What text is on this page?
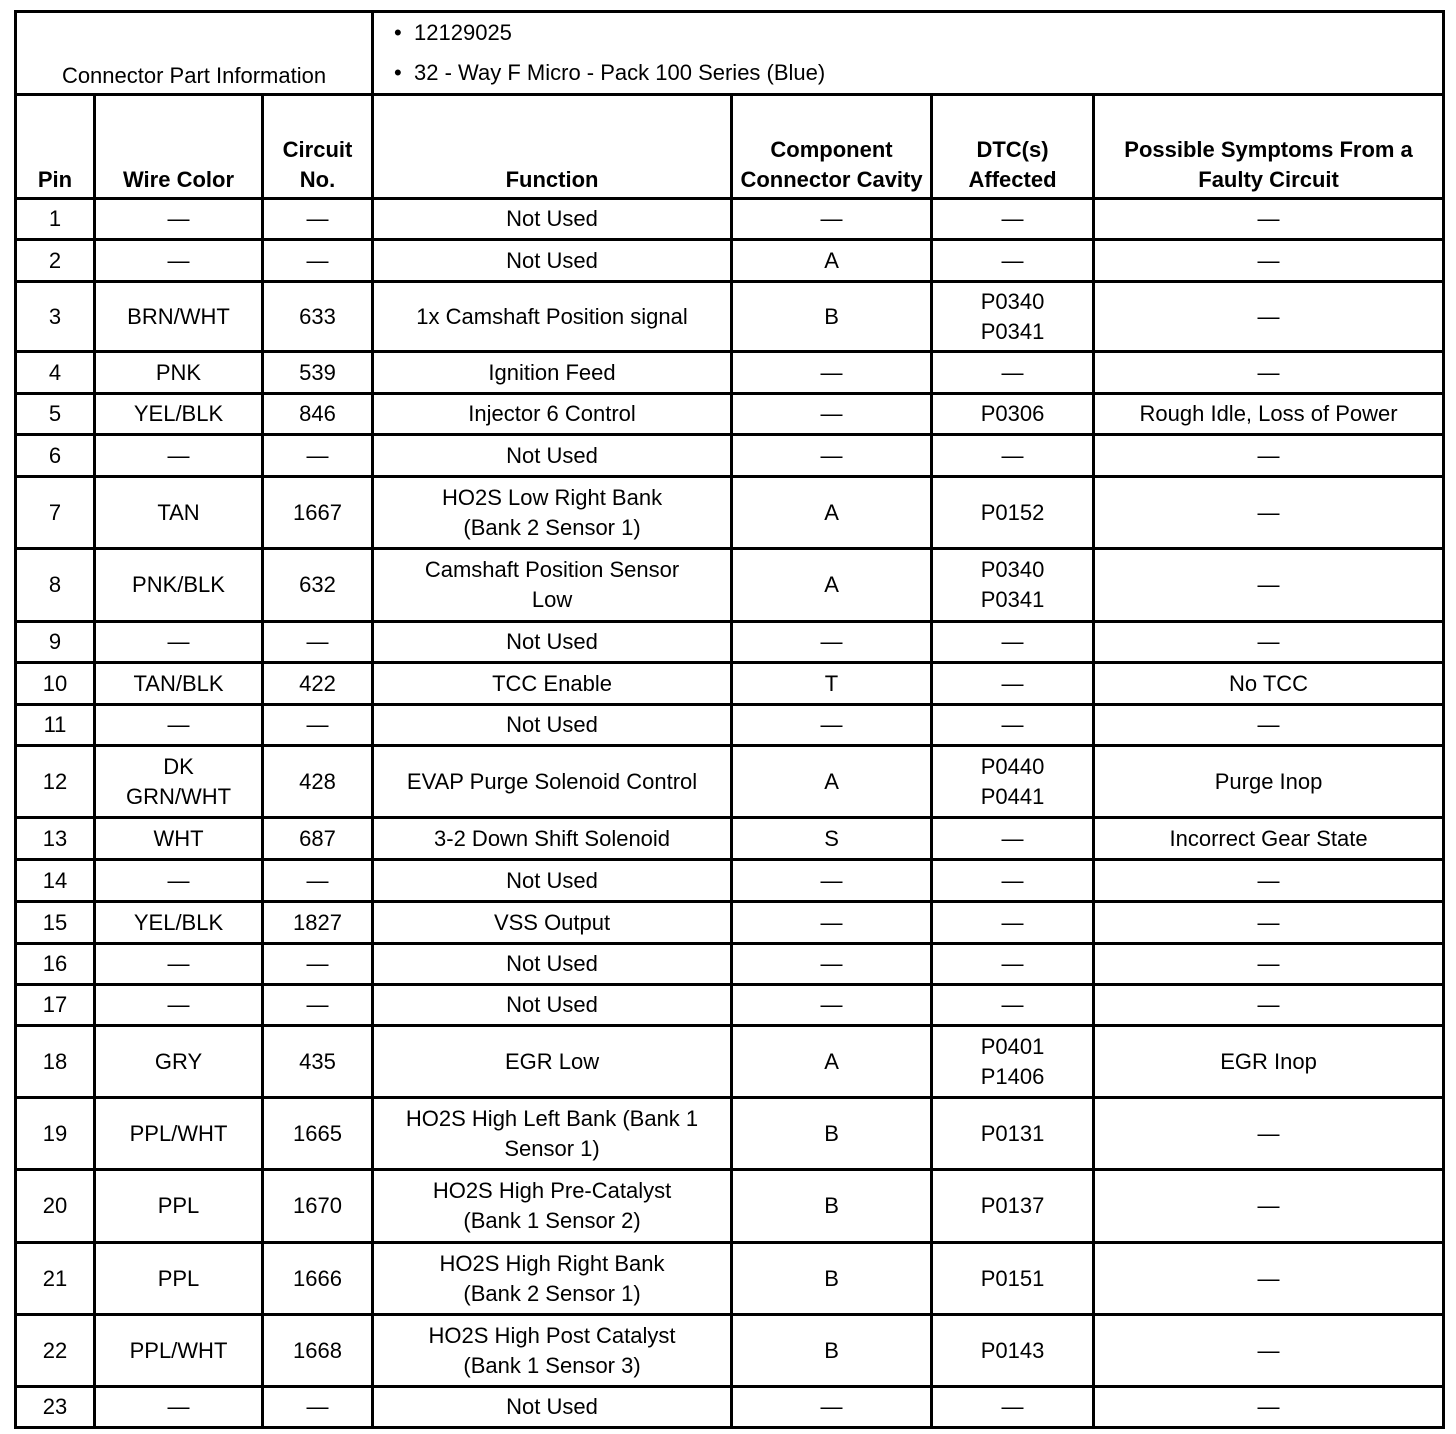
Connector Part Information			• 12129025
• 32 - Way F Micro - Pack 100 Series (Blue)

Pin	Wire Color	Circuit No.	Function	Component Connector Cavity	DTC(s) Affected	Possible Symptoms From a Faulty Circuit
1	—	—	Not Used	—	—	—
2	—	—	Not Used	A	—	—
3	BRN/WHT	633	1x Camshaft Position signal	B	P0340
P0341	—
4	PNK	539	Ignition Feed	—	—	—
5	YEL/BLK	846	Injector 6 Control	—	P0306	Rough Idle, Loss of Power
6	—	—	Not Used	—	—	—
7	TAN	1667	HO2S Low Right Bank
(Bank 2 Sensor 1)	A	P0152	—
8	PNK/BLK	632	Camshaft Position Sensor
Low	A	P0340
P0341	—
9	—	—	Not Used	—	—	—
10	TAN/BLK	422	TCC Enable	T	—	No TCC
11	—	—	Not Used	—	—	—
12	DK
GRN/WHT	428	EVAP Purge Solenoid Control	A	P0440
P0441	Purge Inop
13	WHT	687	3-2 Down Shift Solenoid	S	—	Incorrect Gear State
14	—	—	Not Used	—	—	—
15	YEL/BLK	1827	VSS Output	—	—	—
16	—	—	Not Used	—	—	—
17	—	—	Not Used	—	—	—
18	GRY	435	EGR Low	A	P0401
P1406	EGR Inop
19	PPL/WHT	1665	HO2S High Left Bank (Bank 1
Sensor 1)	B	P0131	—
20	PPL	1670	HO2S High Pre-Catalyst
(Bank 1 Sensor 2)	B	P0137	—
21	PPL	1666	HO2S High Right Bank
(Bank 2 Sensor 1)	B	P0151	—
22	PPL/WHT	1668	HO2S High Post Catalyst
(Bank 1 Sensor 3)	B	P0143	—
23	—	—	Not Used	—	—	—
